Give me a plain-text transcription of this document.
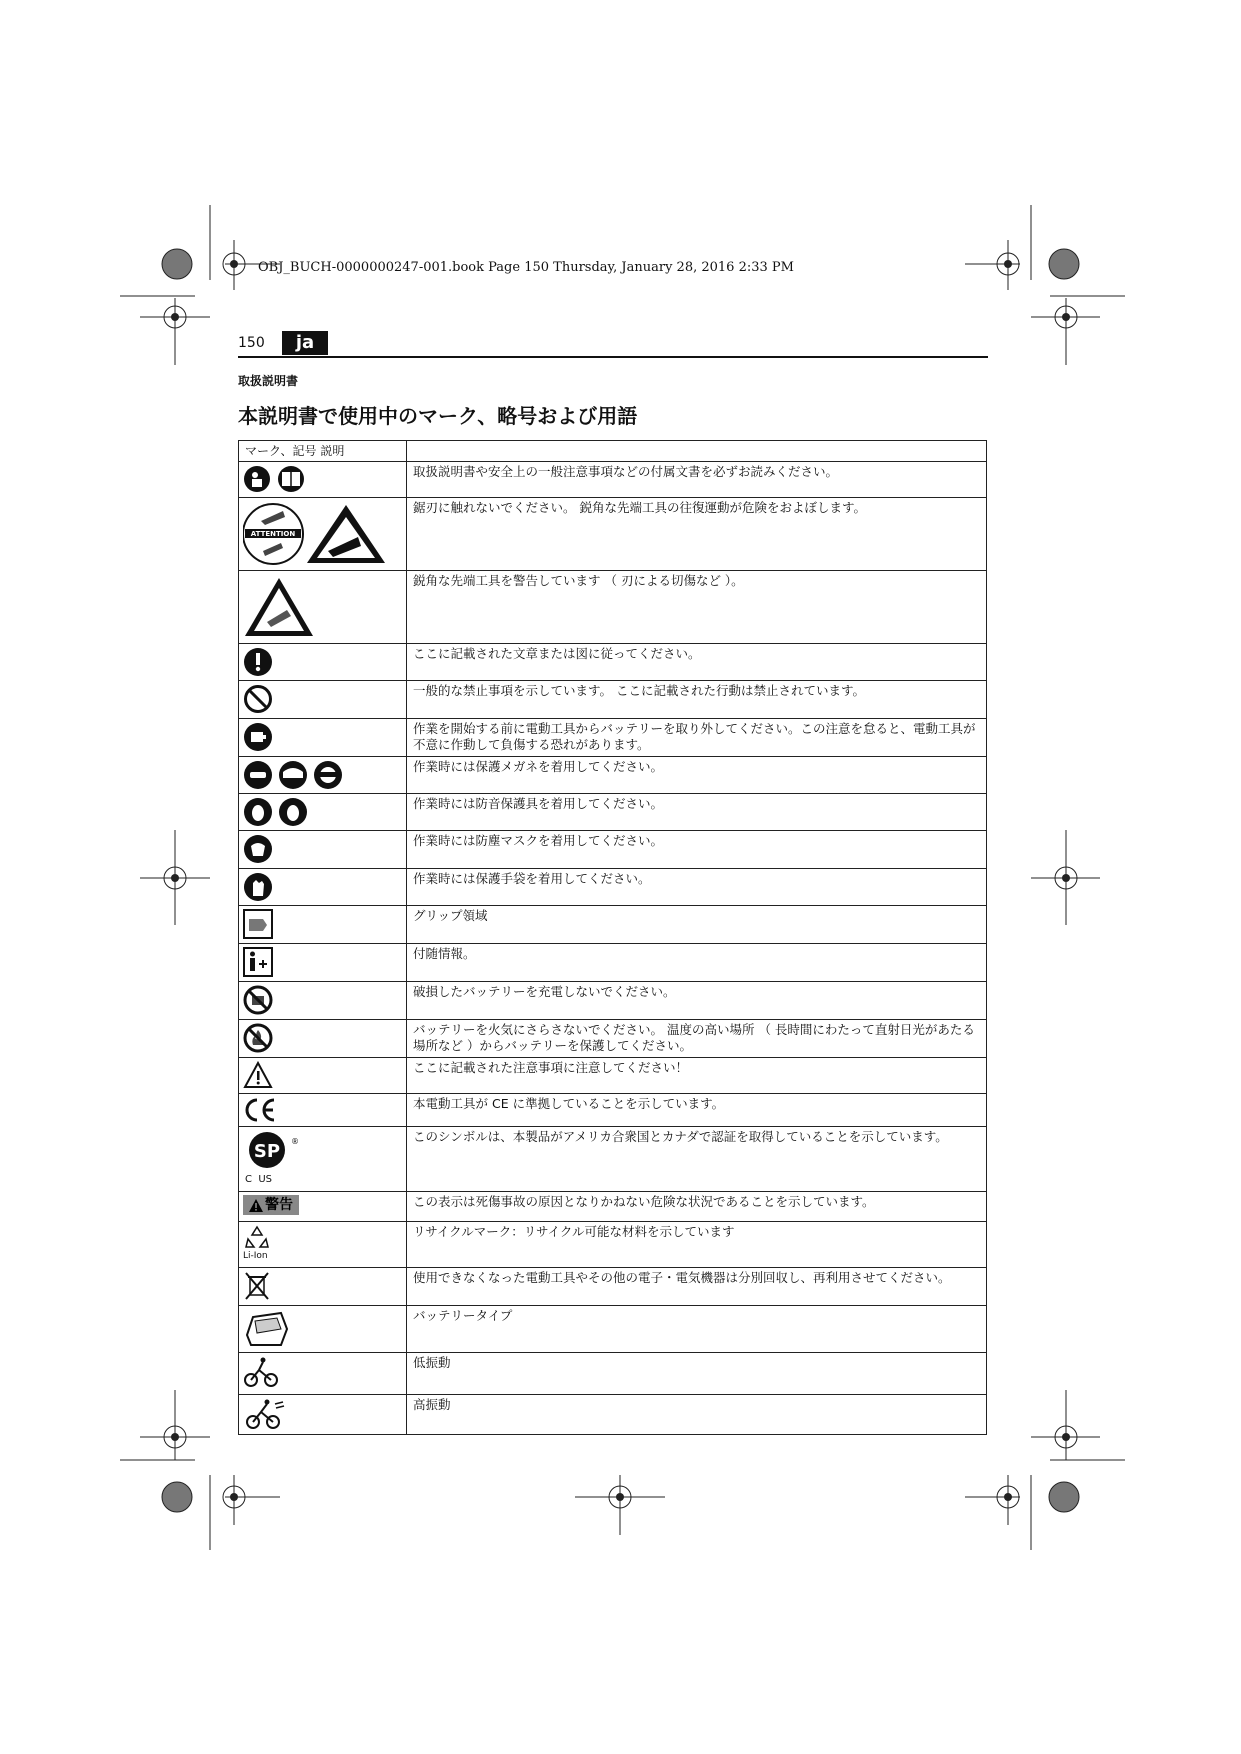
OBJ_BUCH-0000000247-001.book Page 150 Thursday, January 28, 2016 2:33 PM
150	ja
取扱説明書
本説明書で使用中のマーク、略号および用語
マーク、記号 説明	
	取扱説明書や安全上の一般注意事項などの付属文書を必ずお読みください。

ATTENTION	鋸刃に触れないでください。 鋭角な先端工具の往復運動が危険をおよぼします。
	鋭角な先端工具を警告しています （ 刃による切傷など ）。
	ここに記載された文章または図に従ってください。
	一般的な禁止事項を示しています。 ここに記載された行動は禁止されています。
	作業を開始する前に電動工具からバッテリーを取り外してください。この注意を怠ると、電動工具が不意に作動して負傷する恐れがあります。
	作業時には保護メガネを着用してください。
	作業時には防音保護具を着用してください。
	作業時には防塵マスクを着用してください。
	作業時には保護手袋を着用してください。
	グリップ領域
	付随情報。
	破損したバッテリーを充電しないでください。
	バッテリーを火気にさらさないでください。 温度の高い場所 （ 長時間にわたって直射日光があたる場所など ）からバッテリーを保護してください。
	ここに記載された注意事項に注意してください！
	本電動工具が CE に準拠していることを示しています。

SP ®
C  US	このシンボルは、本製品がアメリカ合衆国とカナダで認証を取得していることを示しています。

警告	この表示は死傷事故の原因となりかねない危険な状況であることを示しています。

Li-Ion	リサイクルマーク：リサイクル可能な材料を示しています
	使用できなくなった電動工具やその他の電子・電気機器は分別回収し、再利用させてください。
	バッテリータイプ
	低振動
	高振動
